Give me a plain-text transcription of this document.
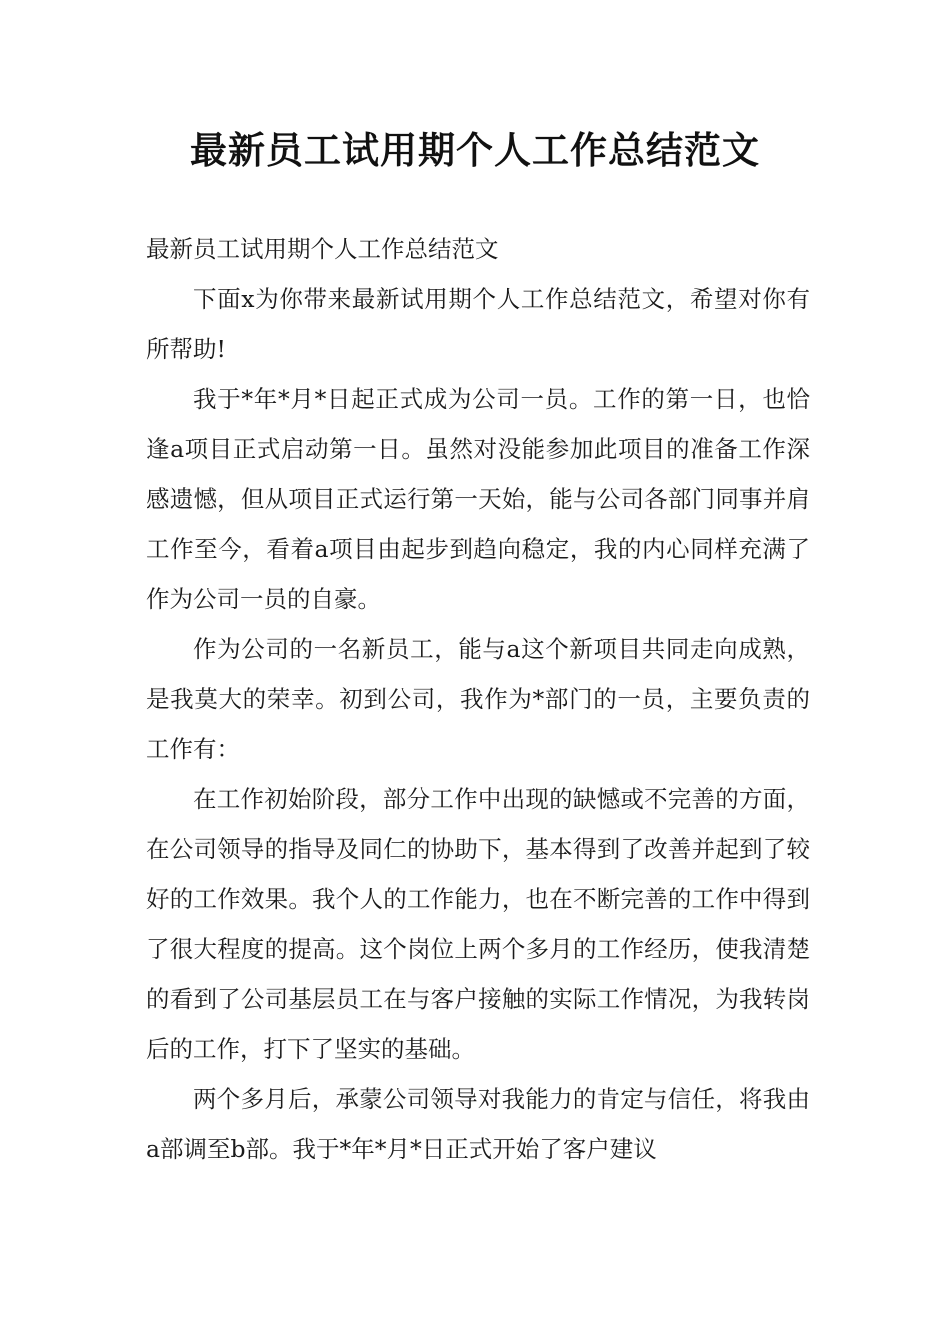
最新员工试用期个人工作总结范文

最新员工试用期个人工作总结范文

下面x为你带来最新试用期个人工作总结范文，希望对你有所帮助!

我于*年*月*日起正式成为公司一员。工作的第一日，也恰逢a项目正式启动第一日。虽然对没能参加此项目的准备工作深感遗憾，但从项目正式运行第一天始，能与公司各部门同事并肩工作至今，看着a项目由起步到趋向稳定，我的内心同样充满了作为公司一员的自豪。

作为公司的一名新员工，能与a这个新项目共同走向成熟，是我莫大的荣幸。初到公司，我作为*部门的一员，主要负责的工作有：

在工作初始阶段，部分工作中出现的缺憾或不完善的方面，在公司领导的指导及同仁的协助下，基本得到了改善并起到了较好的工作效果。我个人的工作能力，也在不断完善的工作中得到了很大程度的提高。这个岗位上两个多月的工作经历，使我清楚的看到了公司基层员工在与客户接触的实际工作情况，为我转岗后的工作，打下了坚实的基础。

两个多月后，承蒙公司领导对我能力的肯定与信任，将我由a部调至b部。我于*年*月*日正式开始了客户建议
